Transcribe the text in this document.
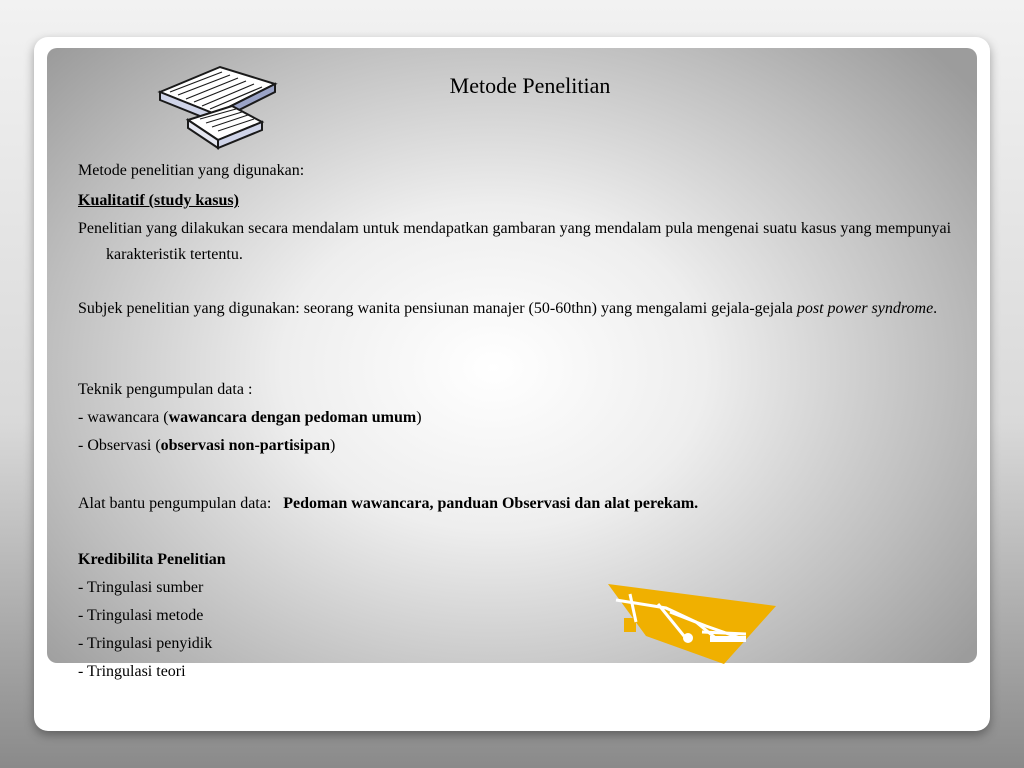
Metode Penelitian
Metode penelitian yang digunakan:
Kualitatif (study kasus)
Penelitian yang dilakukan secara mendalam untuk mendapatkan gambaran yang mendalam pula mengenai suatu kasus yang mempunyai karakteristik tertentu.
Subjek penelitian yang digunakan: seorang wanita pensiunan manajer (50-60thn) yang mengalami gejala-gejala post power syndrome.
Teknik pengumpulan data :
- wawancara (wawancara dengan pedoman umum)
- Observasi (observasi non-partisipan)
Alat bantu pengumpulan data: Pedoman wawancara, panduan Observasi dan alat perekam.
Kredibilita Penelitian
- Tringulasi sumber
- Tringulasi metode
- Tringulasi penyidik
- Tringulasi teori
